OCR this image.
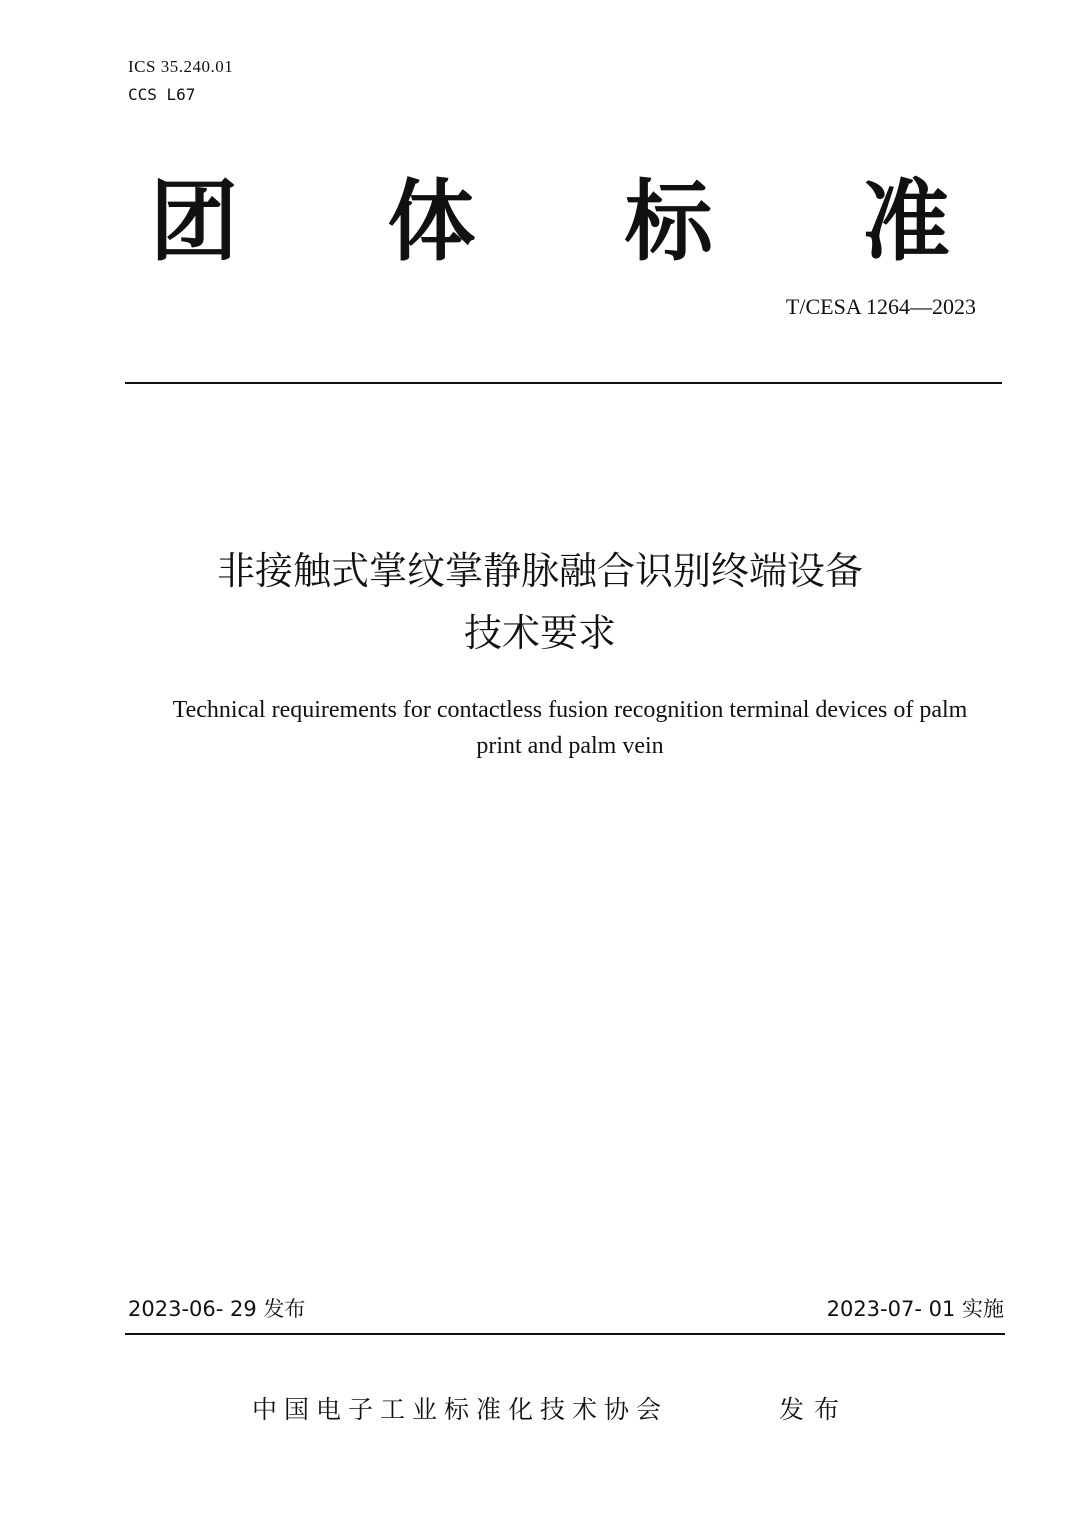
ICS 35.240.01
CCS L67
团 体 标 准
T/CESA 1264—2023
非接触式掌纹掌静脉融合识别终端设备
技术要求
Technical requirements for contactless fusion recognition terminal devices of palm
print and palm vein
2023-06- 29 发布	2023-07- 01 实施
中国电子工业标准化技术协会	发布
